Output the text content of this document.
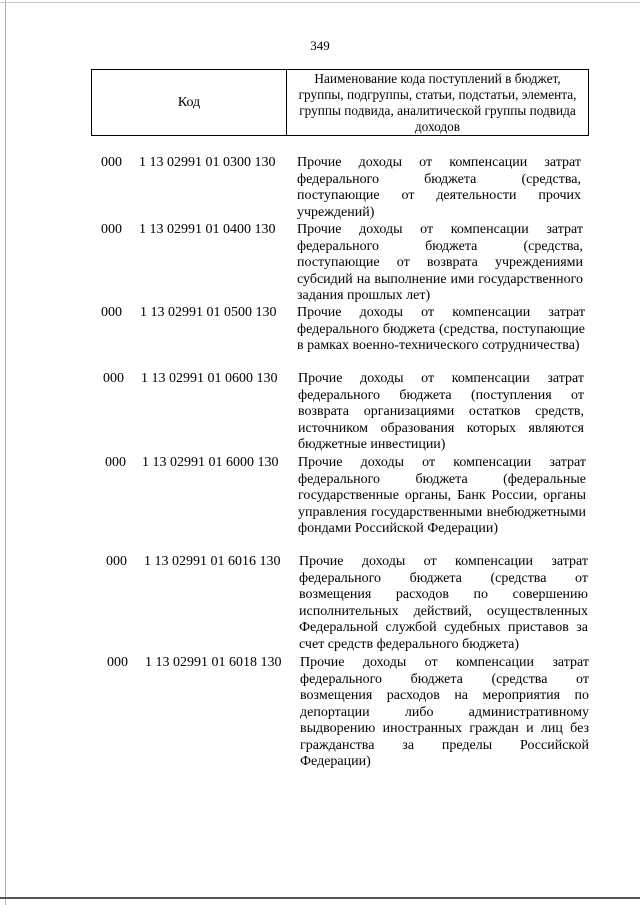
349
Код
Наименование кода поступлений в бюджет, группы, подгруппы, статьи, подстатьи, элемента, группы подвида, аналитической группы подвида доходов
000 1 13 02991 01 0300 130 Прочие доходы от компенсации затрат федерального бюджета (средства, поступающие от деятельности прочих учреждений)
000 1 13 02991 01 0400 130 Прочие доходы от компенсации затрат федерального бюджета (средства, поступающие от возврата учреждениями субсидий на выполнение ими государственного задания прошлых лет)
000 1 13 02991 01 0500 130 Прочие доходы от компенсации затрат федерального бюджета (средства, поступающие в рамках военно-технического сотрудничества)
000 1 13 02991 01 0600 130 Прочие доходы от компенсации затрат федерального бюджета (поступления от возврата организациями остатков средств, источником образования которых являются бюджетные инвестиции)
000 1 13 02991 01 6000 130 Прочие доходы от компенсации затрат федерального бюджета (федеральные государственные органы, Банк России, органы управления государственными внебюджетными фондами Российской Федерации)
000 1 13 02991 01 6016 130 Прочие доходы от компенсации затрат федерального бюджета (средства от возмещения расходов по совершению исполнительных действий, осуществленных Федеральной службой судебных приставов за счет средств федерального бюджета)
000 1 13 02991 01 6018 130 Прочие доходы от компенсации затрат федерального бюджета (средства от возмещения расходов на мероприятия по депортации либо административному выдворению иностранных граждан и лиц без гражданства за пределы Российской Федерации)
